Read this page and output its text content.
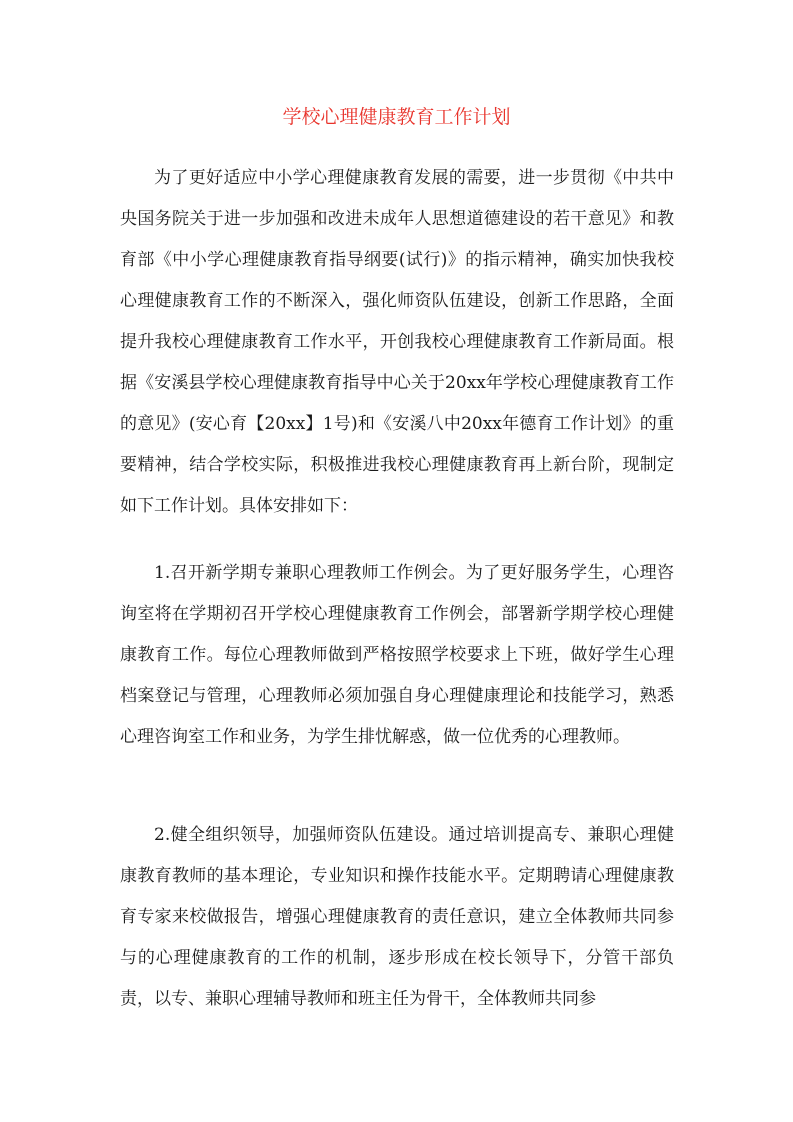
学校心理健康教育工作计划

为了更好适应中小学心理健康教育发展的需要，进一步贯彻《中共中央国务院关于进一步加强和改进未成年人思想道德建设的若干意见》和教育部《中小学心理健康教育指导纲要(试行)》的指示精神，确实加快我校心理健康教育工作的不断深入，强化师资队伍建设，创新工作思路，全面提升我校心理健康教育工作水平，开创我校心理健康教育工作新局面。根据《安溪县学校心理健康教育指导中心关于20xx年学校心理健康教育工作的意见》(安心育【20xx】1号)和《安溪八中20xx年德育工作计划》的重要精神，结合学校实际，积极推进我校心理健康教育再上新台阶，现制定如下工作计划。具体安排如下：

1.召开新学期专兼职心理教师工作例会。为了更好服务学生，心理咨询室将在学期初召开学校心理健康教育工作例会，部署新学期学校心理健康教育工作。每位心理教师做到严格按照学校要求上下班，做好学生心理档案登记与管理，心理教师必须加强自身心理健康理论和技能学习，熟悉心理咨询室工作和业务，为学生排忧解惑，做一位优秀的心理教师。

2.健全组织领导，加强师资队伍建设。通过培训提高专、兼职心理健康教育教师的基本理论，专业知识和操作技能水平。定期聘请心理健康教育专家来校做报告，增强心理健康教育的责任意识，建立全体教师共同参与的心理健康教育的工作的机制，逐步形成在校长领导下，分管干部负责，以专、兼职心理辅导教师和班主任为骨干，全体教师共同参
